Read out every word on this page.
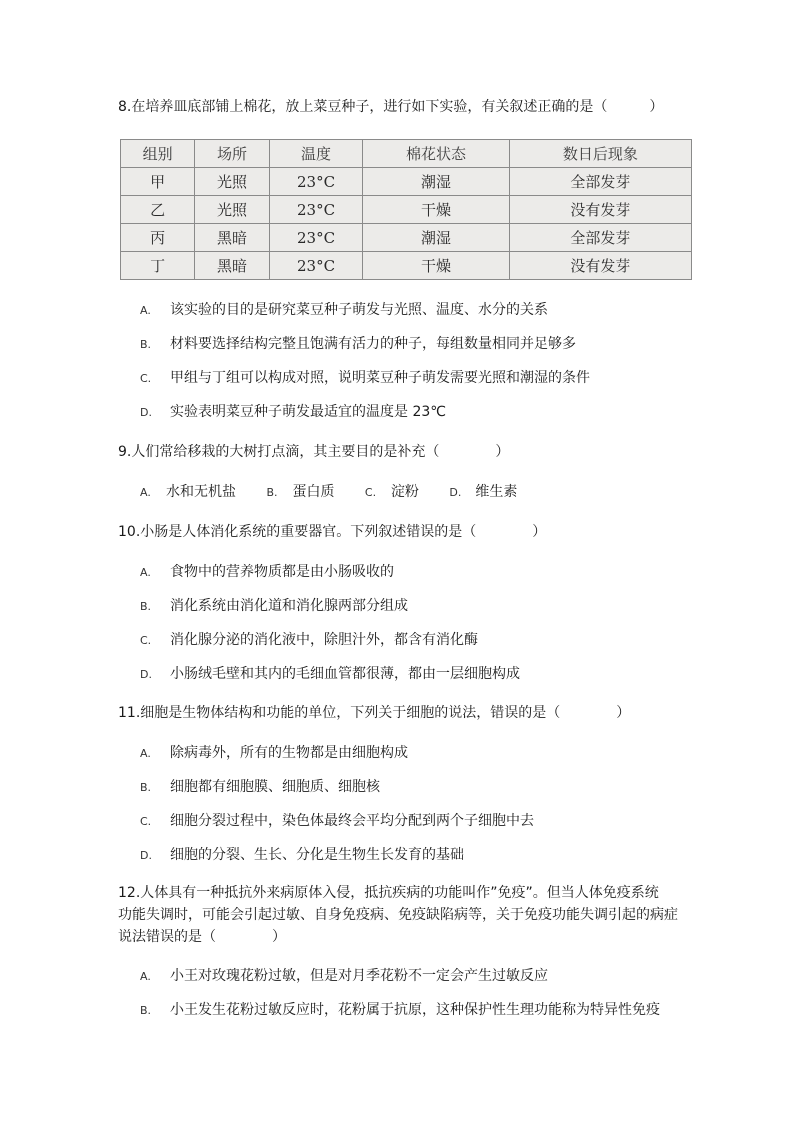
8.在培养皿底部铺上棉花，放上菜豆种子，进行如下实验，有关叙述正确的是（　　　）
组别	场所	温度	棉花状态	数日后现象
甲	光照	23°C	潮湿	全部发芽
乙	光照	23°C	干燥	没有发芽
丙	黑暗	23°C	潮湿	全部发芽
丁	黑暗	23°C	干燥	没有发芽
A. 该实验的目的是研究菜豆种子萌发与光照、温度、水分的关系
B. 材料要选择结构完整且饱满有活力的种子，每组数量相同并足够多
C. 甲组与丁组可以构成对照，说明菜豆种子萌发需要光照和潮湿的条件
D. 实验表明菜豆种子萌发最适宜的温度是 23℃
9.人们常给移栽的大树打点滴，其主要目的是补充（　　　　）
A. 水和无机盐	B. 蛋白质	C. 淀粉	D. 维生素
10.小肠是人体消化系统的重要器官。下列叙述错误的是（　　　　）
A. 食物中的营养物质都是由小肠吸收的
B. 消化系统由消化道和消化腺两部分组成
C. 消化腺分泌的消化液中，除胆汁外，都含有消化酶
D. 小肠绒毛壁和其内的毛细血管都很薄，都由一层细胞构成
11.细胞是生物体结构和功能的单位，下列关于细胞的说法，错误的是（　　　　）
A. 除病毒外，所有的生物都是由细胞构成
B. 细胞都有细胞膜、细胞质、细胞核
C. 细胞分裂过程中，染色体最终会平均分配到两个子细胞中去
D. 细胞的分裂、生长、分化是生物生长发育的基础
12.人体具有一种抵抗外来病原体入侵，抵抗疾病的功能叫作”免疫”。但当人体免疫系统
功能失调时，可能会引起过敏、自身免疫病、免疫缺陷病等，关于免疫功能失调引起的病症
说法错误的是（　　　　）
A. 小王对玫瑰花粉过敏，但是对月季花粉不一定会产生过敏反应
B. 小王发生花粉过敏反应时，花粉属于抗原，这种保护性生理功能称为特异性免疫
